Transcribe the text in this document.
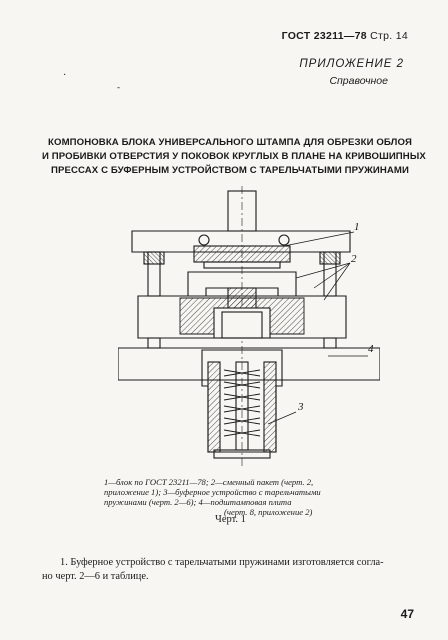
ГОСТ 23211—78 Стр. 14
ПРИЛОЖЕНИЕ 2
Справочное
·
-
КОМПОНОВКА БЛОКА УНИВЕРСАЛЬНОГО ШТАМПА ДЛЯ ОБРЕЗКИ ОБЛОЯ
И ПРОБИВКИ ОТВЕРСТИЯ У ПОКОВОК КРУГЛЫХ В ПЛАНЕ НА КРИВОШИПНЫХ
ПРЕССАХ С БУФЕРНЫМ УСТРОЙСТВОМ С ТАРЕЛЬЧАТЫМИ ПРУЖИНАМИ
1
2
3
4
1—блок по ГОСТ 23211—78; 2—сменный пакет (черт. 2,
приложение 1); 3—буферное устройство с тарельчатыми
пружинами (черт. 2—6); 4—подштамповая плита
(черт. 8, приложение 2)
Черт. 1
1. Буферное устройство с тарельчатыми пружинами изготовляется согла-
но черт. 2—6 и таблице.
47
